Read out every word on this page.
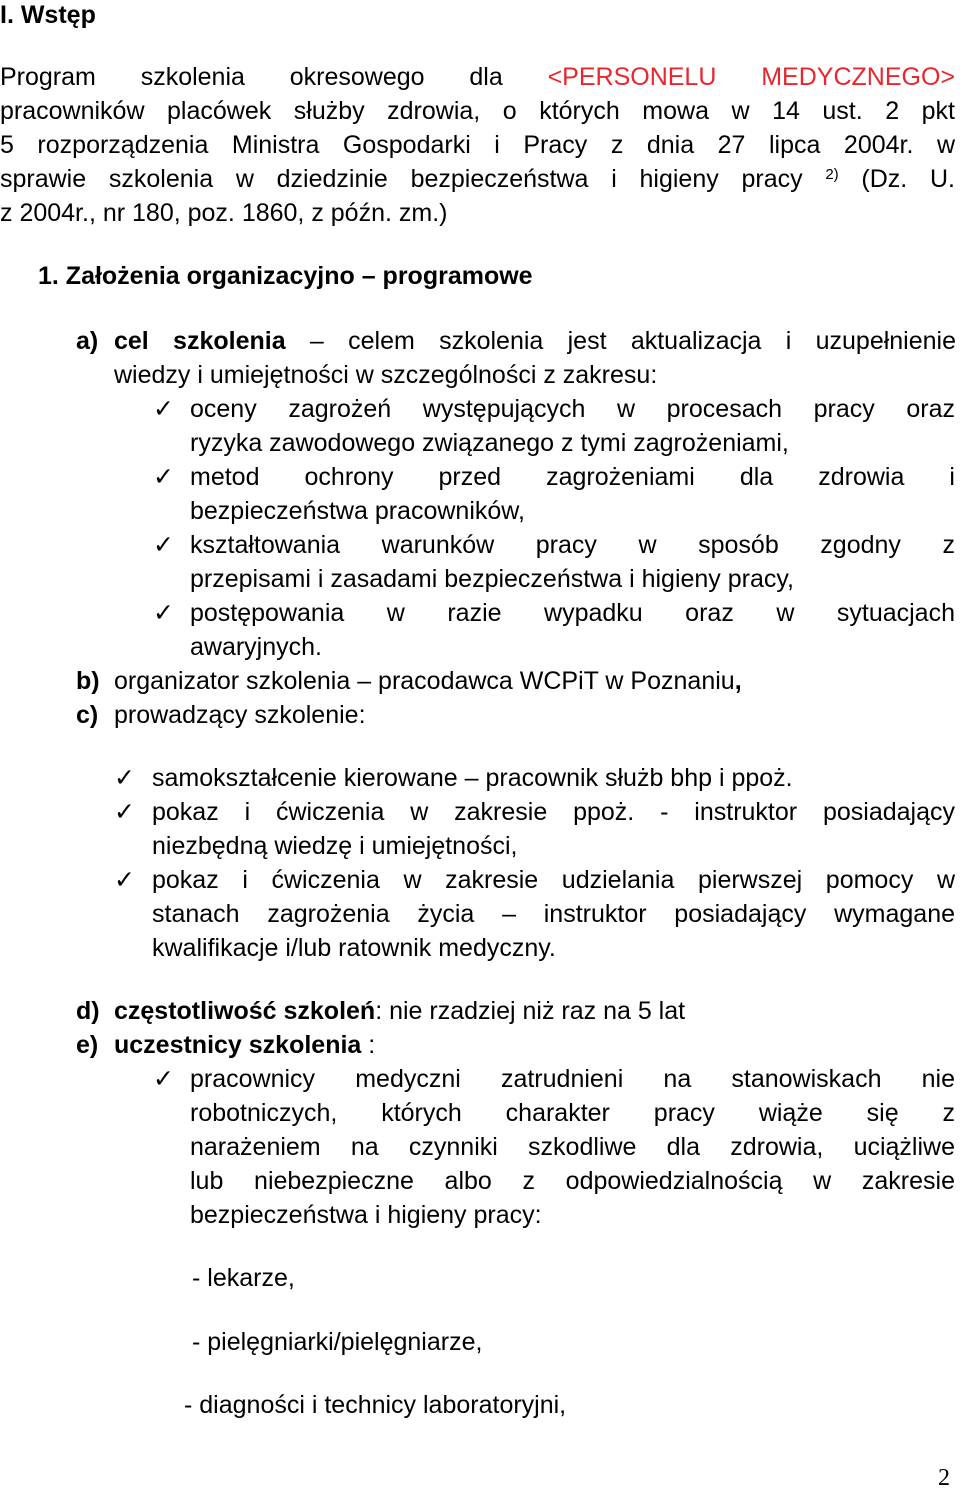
I. Wstęp
Program szkolenia okresowego dla <PERSONELU MEDYCZNEGO>
pracowników placówek służby zdrowia, o których mowa w 14 ust. 2 pkt
5 rozporządzenia Ministra Gospodarki i Pracy z dnia 27 lipca 2004r. w
sprawie szkolenia w dziedzinie bezpieczeństwa i higieny pracy $^{2)}$ (Dz. U.
z 2004r., nr 180, poz. 1860, z późn. zm.)
1. Założenia organizacyjno – programowe
a) cel szkolenia – celem szkolenia jest aktualizacja i uzupełnienie
wiedzy i umiejętności w szczególności z zakresu:
✓ oceny zagrożeń występujących w procesach pracy oraz
ryzyka zawodowego związanego z tymi zagrożeniami,
✓ metod ochrony przed zagrożeniami dla zdrowia i
bezpieczeństwa pracowników,
✓ kształtowania warunków pracy w sposób zgodny z
przepisami i zasadami bezpieczeństwa i higieny pracy,
✓ postępowania w razie wypadku oraz w sytuacjach
awaryjnych.
b) organizator szkolenia – pracodawca WCPiT w Poznaniu,
c) prowadzący szkolenie:
✓ samokształcenie kierowane – pracownik służb bhp i ppoż.
✓ pokaz i ćwiczenia w zakresie ppoż. - instruktor posiadający
niezbędną wiedzę i umiejętności,
✓ pokaz i ćwiczenia w zakresie udzielania pierwszej pomocy w
stanach zagrożenia życia – instruktor posiadający wymagane
kwalifikacje i/lub ratownik medyczny.
d) częstotliwość szkoleń: nie rzadziej niż raz na 5 lat
e) uczestnicy szkolenia :
✓ pracownicy medyczni zatrudnieni na stanowiskach nie
robotniczych, których charakter pracy wiąże się z
narażeniem na czynniki szkodliwe dla zdrowia, uciążliwe
lub niebezpieczne albo z odpowiedzialnością w zakresie
bezpieczeństwa i higieny pracy:
- lekarze,
- pielęgniarki/pielęgniarze,
- diagności i technicy laboratoryjni,
2
